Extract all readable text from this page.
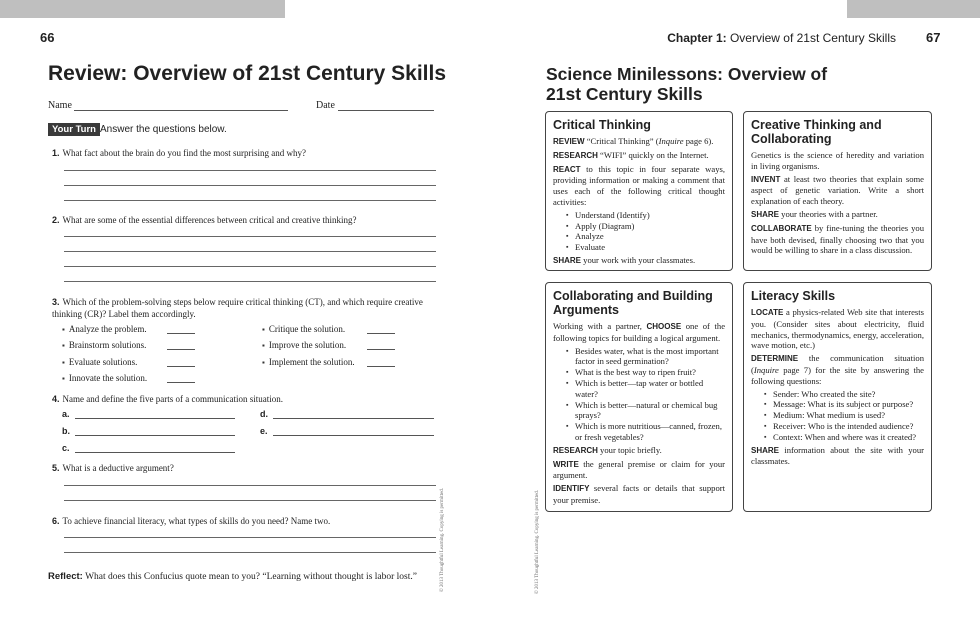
66
Review: Overview of 21st Century Skills
Name	Date
Your Turn Answer the questions below.
1. What fact about the brain do you find the most surprising and why?
2. What are some of the essential differences between critical and creative thinking?
3. Which of the problem-solving steps below require critical thinking (CT), and which require creative thinking (CR)? Label them accordingly.
▪ Analyze the problem.
▪ Brainstorm solutions.
▪ Evaluate solutions.
▪ Innovate the solution.
▪ Critique the solution.
▪ Improve the solution.
▪ Implement the solution.
4. Name and define the five parts of a communication situation.
a.
b.
c.
d.
e.
5. What is a deductive argument?
6. To achieve financial literacy, what types of skills do you need? Name two.
Reflect: What does this Confucius quote mean to you? “Learning without thought is labor lost.”	© 2013 Thoughtful Learning. Copying is permitted.
Chapter 1: Overview of 21st Century Skills 67
Science Minilessons: Overview of 21st Century Skills
© 2013 Thoughtful Learning. Copying is permitted.
Critical Thinking

REVIEW “Critical Thinking” (Inquire page 6).

RESEARCH “WIFI” quickly on the Internet.

REACT to this topic in four separate ways, providing information or making a comment that uses each of the following critical thought activities:

▪ Understand (Identify)
▪ Apply (Diagram)
▪ Analyze
▪ Evaluate

SHARE your work with your classmates.

Creative Thinking and Collaborating

Genetics is the science of heredity and variation in living organisms.

INVENT at least two theories that explain some aspect of genetic variation. Write a short explanation of each theory.

SHARE your theories with a partner.

COLLABORATE by fine-tuning the theories you have both devised, finally choosing two that you would be willing to share in a class discussion.

Collaborating and Building Arguments

Working with a partner, CHOOSE one of the following topics for building a logical argument.

▪ Besides water, what is the most important factor in seed germination?
▪ What is the best way to ripen fruit?
▪ Which is better—tap water or bottled water?
▪ Which is better—natural or chemical bug sprays?
▪ Which is more nutritious—canned, frozen, or fresh vegetables?

RESEARCH your topic briefly.

WRITE the general premise or claim for your argument.

IDENTIFY several facts or details that support your premise.

Literacy Skills

LOCATE a physics-related Web site that interests you. (Consider sites about electricity, fluid mechanics, thermodynamics, energy, acceleration, wave motion, etc.)

DETERMINE the communication situation (Inquire page 7) for the site by answering the following questions:

▪ Sender: Who created the site?
▪ Message: What is its subject or purpose?
▪ Medium: What medium is used?
▪ Receiver: Who is the intended audience?
▪ Context: When and where was it created?

SHARE information about the site with your classmates.
